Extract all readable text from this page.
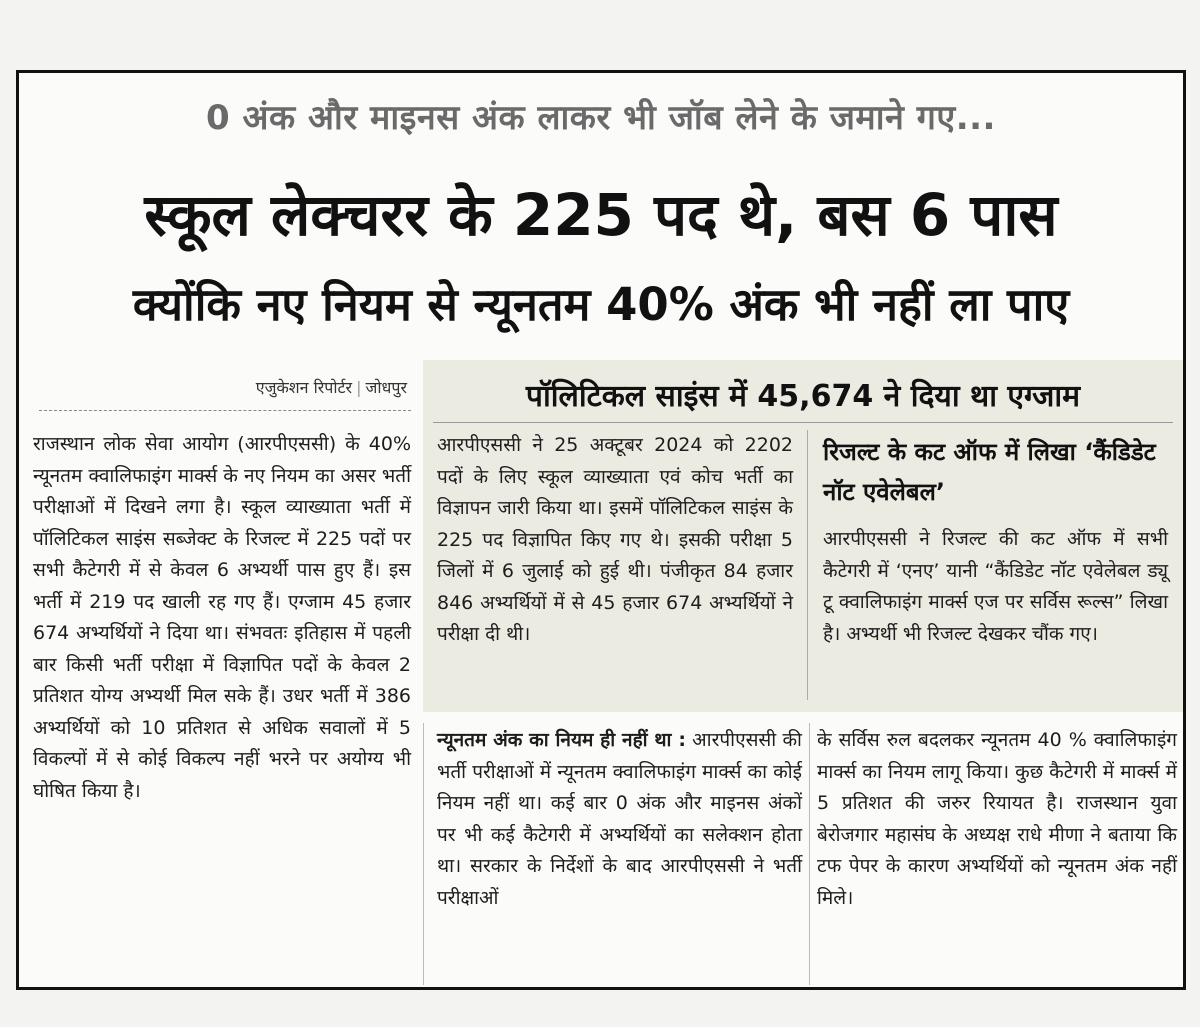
0 अंक और माइनस अंक लाकर भी जॉब लेने के जमाने गए...
स्कूल लेक्चरर के 225 पद थे, बस 6 पास
क्योंकि नए नियम से न्यूनतम 40% अंक भी नहीं ला पाए
एजुकेशन रिपोर्टर | जोधपुर
राजस्थान लोक सेवा आयोग (आरपीएससी) के 40% न्यूनतम क्वालिफाइंग मार्क्स के नए नियम का असर भर्ती परीक्षाओं में दिखने लगा है। स्कूल व्याख्याता भर्ती में पॉलिटिकल साइंस सब्जेक्ट के रिजल्ट में 225 पदों पर सभी कैटेगरी में से केवल 6 अभ्यर्थी पास हुए हैं। इस भर्ती में 219 पद खाली रह गए हैं। एग्जाम 45 हजार 674 अभ्यर्थियों ने दिया था। संभवतः इतिहास में पहली बार किसी भर्ती परीक्षा में विज्ञापित पदों के केवल 2 प्रतिशत योग्य अभ्यर्थी मिल सके हैं। उधर भर्ती में 386 अभ्यर्थियों को 10 प्रतिशत से अधिक सवालों में 5 विकल्पों में से कोई विकल्प नहीं भरने पर अयोग्य भी घोषित किया है।
पॉलिटिकल साइंस में 45,674 ने दिया था एग्जाम
आरपीएससी ने 25 अक्टूबर 2024 को 2202 पदों के लिए स्कूल व्याख्याता एवं कोच भर्ती का विज्ञापन जारी किया था। इसमें पॉलिटिकल साइंस के 225 पद विज्ञापित किए गए थे। इसकी परीक्षा 5 जिलों में 6 जुलाई को हुई थी। पंजीकृत 84 हजार 846 अभ्यर्थियों में से 45 हजार 674 अभ्यर्थियों ने परीक्षा दी थी।
रिजल्ट के कट ऑफ में लिखा ‘कैंडिडेट नॉट एवेलेबल’
आरपीएससी ने रिजल्ट की कट ऑफ में सभी कैटेगरी में ‘एनए’ यानी “कैंडिडेट नॉट एवेलेबल ड्यू टू क्वालिफाइंग मार्क्स एज पर सर्विस रूल्स” लिखा है। अभ्यर्थी भी रिजल्ट देखकर चौंक गए।
न्यूनतम अंक का नियम ही नहीं था : आरपीएससी की भर्ती परीक्षाओं में न्यूनतम क्वालिफाइंग मार्क्स का कोई नियम नहीं था। कई बार 0 अंक और माइनस अंकों पर भी कई कैटेगरी में अभ्यर्थियों का सलेक्शन होता था। सरकार के निर्देशों के बाद आरपीएससी ने भर्ती परीक्षाओं
के सर्विस रुल बदलकर न्यूनतम 40 % क्वालिफाइंग मार्क्स का नियम लागू किया। कुछ कैटेगरी में मार्क्स में 5 प्रतिशत की जरुर रियायत है। राजस्थान युवा बेरोजगार महासंघ के अध्यक्ष राधे मीणा ने बताया कि टफ पेपर के कारण अभ्यर्थियों को न्यूनतम अंक नहीं मिले।
